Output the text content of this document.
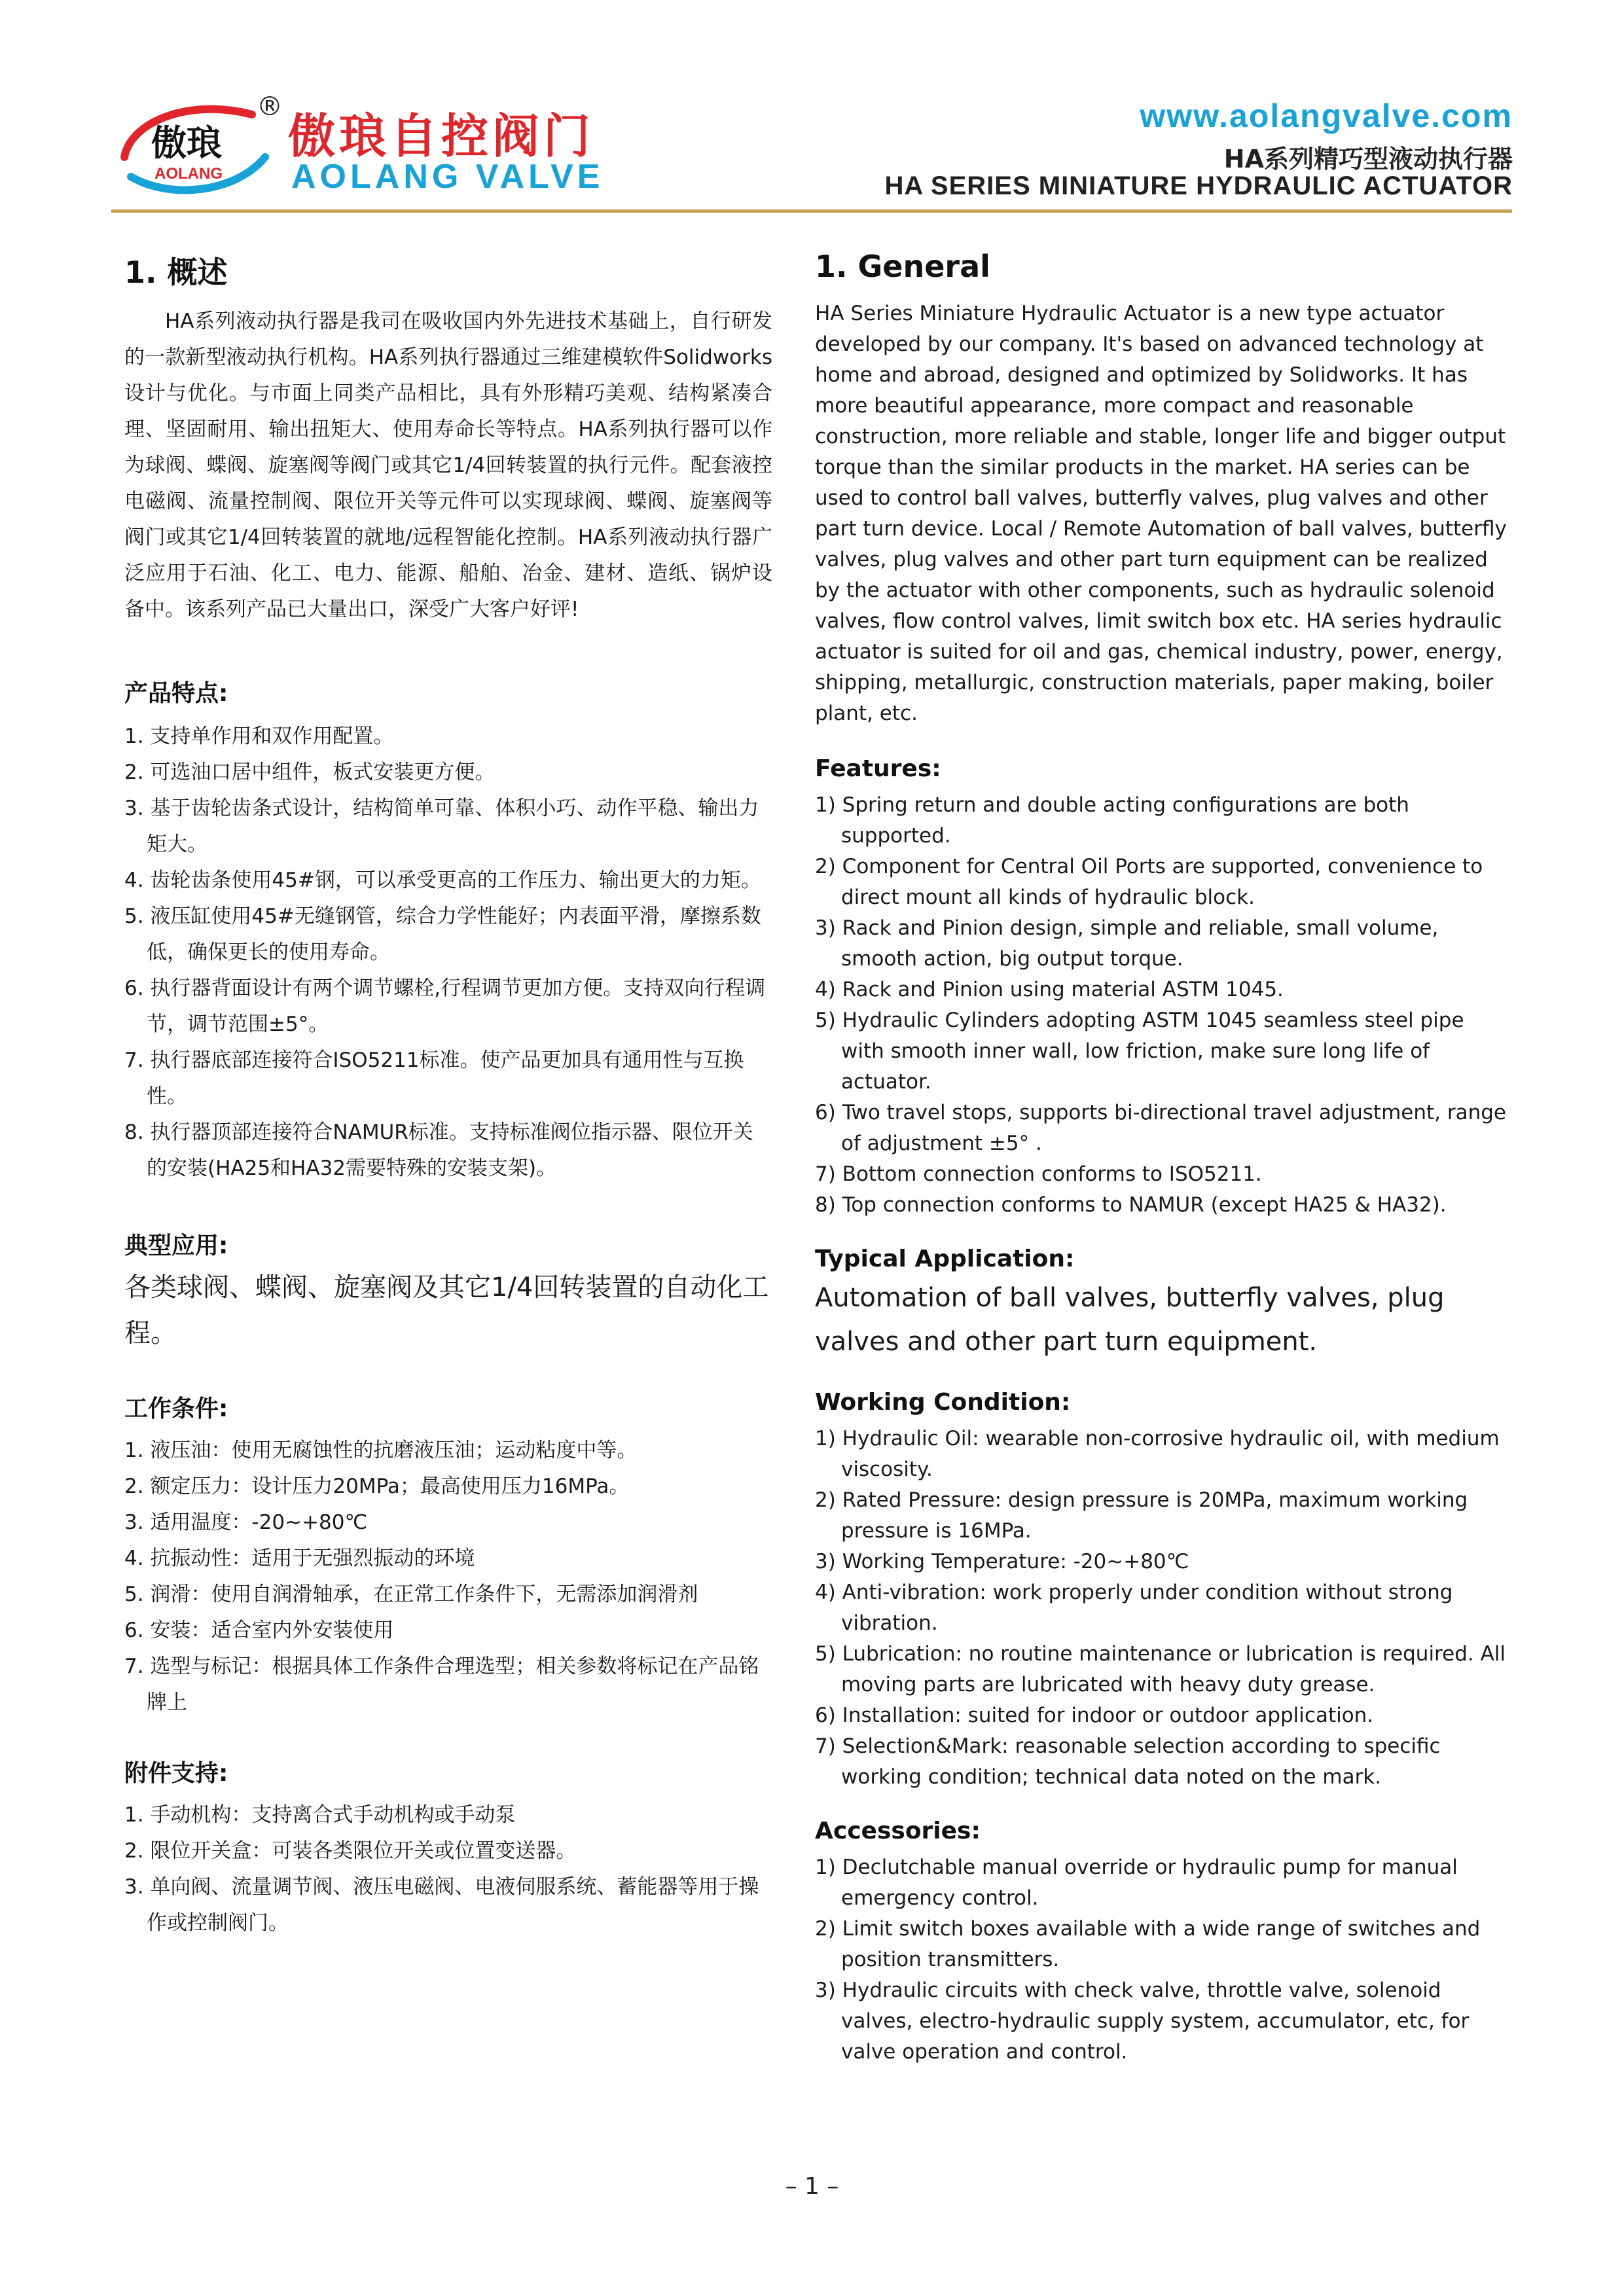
傲琅
AOLANG
®
傲琅自控阀门
AOLANG VALVE
www.aolangvalve.com
HA系列精巧型液动执行器
HA SERIES MINIATURE HYDRAULIC ACTUATOR
1. 概述

HA系列液动执行器是我司在吸收国内外先进技术基础上，自行研发的一款新型液动执行机构。HA系列执行器通过三维建模软件Solidworks设计与优化。与市面上同类产品相比，具有外形精巧美观、结构紧凑合理、坚固耐用、输出扭矩大、使用寿命长等特点。HA系列执行器可以作为球阀、蝶阀、旋塞阀等阀门或其它1/4回转装置的执行元件。配套液控电磁阀、流量控制阀、限位开关等元件可以实现球阀、蝶阀、旋塞阀等阀门或其它1/4回转装置的就地/远程智能化控制。HA系列液动执行器广泛应用于石油、化工、电力、能源、船舶、冶金、建材、造纸、锅炉设备中。该系列产品已大量出口，深受广大客户好评!

产品特点:
1. 支持单作用和双作用配置。
2. 可选油口居中组件，板式安装更方便。
3. 基于齿轮齿条式设计，结构简单可靠、体积小巧、动作平稳、输出力矩大。
4. 齿轮齿条使用45#钢，可以承受更高的工作压力、输出更大的力矩。
5. 液压缸使用45#无缝钢管，综合力学性能好；内表面平滑，摩擦系数低，确保更长的使用寿命。
6. 执行器背面设计有两个调节螺栓,行程调节更加方便。支持双向行程调节，调节范围±5°。
7. 执行器底部连接符合ISO5211标准。使产品更加具有通用性与互换性。
8. 执行器顶部连接符合NAMUR标准。支持标准阀位指示器、限位开关的安装(HA25和HA32需要特殊的安装支架)。
典型应用:

各类球阀、蝶阀、旋塞阀及其它1/4回转装置的自动化工程。

工作条件:
1. 液压油：使用无腐蚀性的抗磨液压油；运动粘度中等。
2. 额定压力：设计压力20MPa；最高使用压力16MPa。
3. 适用温度：-20~+80℃
4. 抗振动性：适用于无强烈振动的环境
5. 润滑：使用自润滑轴承，在正常工作条件下，无需添加润滑剂
6. 安装：适合室内外安装使用
7. 选型与标记：根据具体工作条件合理选型；相关参数将标记在产品铭牌上
附件支持:
1. 手动机构：支持离合式手动机构或手动泵
2. 限位开关盒：可装各类限位开关或位置变送器。
3. 单向阀、流量调节阀、液压电磁阀、电液伺服系统、蓄能器等用于操作或控制阀门。
1. General

HA Series Miniature Hydraulic Actuator is a new type actuator developed by our company. It's based on advanced technology at home and abroad, designed and optimized by Solidworks. It has more beautiful appearance, more compact and reasonable construction, more reliable and stable, longer life and bigger output torque than the similar products in the market. HA series can be used to control ball valves, butterfly valves, plug valves and other part turn device. Local / Remote Automation of ball valves, butterfly valves, plug valves and other part turn equipment can be realized by the actuator with other components, such as hydraulic solenoid valves, flow control valves, limit switch box etc. HA series hydraulic actuator is suited for oil and gas, chemical industry, power, energy, shipping, metallurgic, construction materials, paper making, boiler plant, etc.

Features:
1) Spring return and double acting configurations are both supported.
2) Component for Central Oil Ports are supported, convenience to direct mount all kinds of hydraulic block.
3) Rack and Pinion design, simple and reliable, small volume, smooth action, big output torque.
4) Rack and Pinion using material ASTM 1045.
5) Hydraulic Cylinders adopting ASTM 1045 seamless steel pipe with smooth inner wall, low friction, make sure long life of actuator.
6) Two travel stops, supports bi-directional travel adjustment, range of adjustment ±5° .
7) Bottom connection conforms to ISO5211.
8) Top connection conforms to NAMUR (except HA25 & HA32).
Typical Application:

Automation of ball valves, butterfly valves, plug valves and other part turn equipment.

Working Condition:
1) Hydraulic Oil: wearable non-corrosive hydraulic oil, with medium viscosity.
2) Rated Pressure: design pressure is 20MPa, maximum working pressure is 16MPa.
3) Working Temperature: -20~+80℃
4) Anti-vibration: work properly under condition without strong vibration.
5) Lubrication: no routine maintenance or lubrication is required. All moving parts are lubricated with heavy duty grease.
6) Installation: suited for indoor or outdoor application.
7) Selection&Mark: reasonable selection according to specific working condition; technical data noted on the mark.
Accessories:
1) Declutchable manual override or hydraulic pump for manual emergency control.
2) Limit switch boxes available with a wide range of switches and position transmitters.
3) Hydraulic circuits with check valve, throttle valve, solenoid valves, electro-hydraulic supply system, accumulator, etc, for valve operation and control.
– 1 –
